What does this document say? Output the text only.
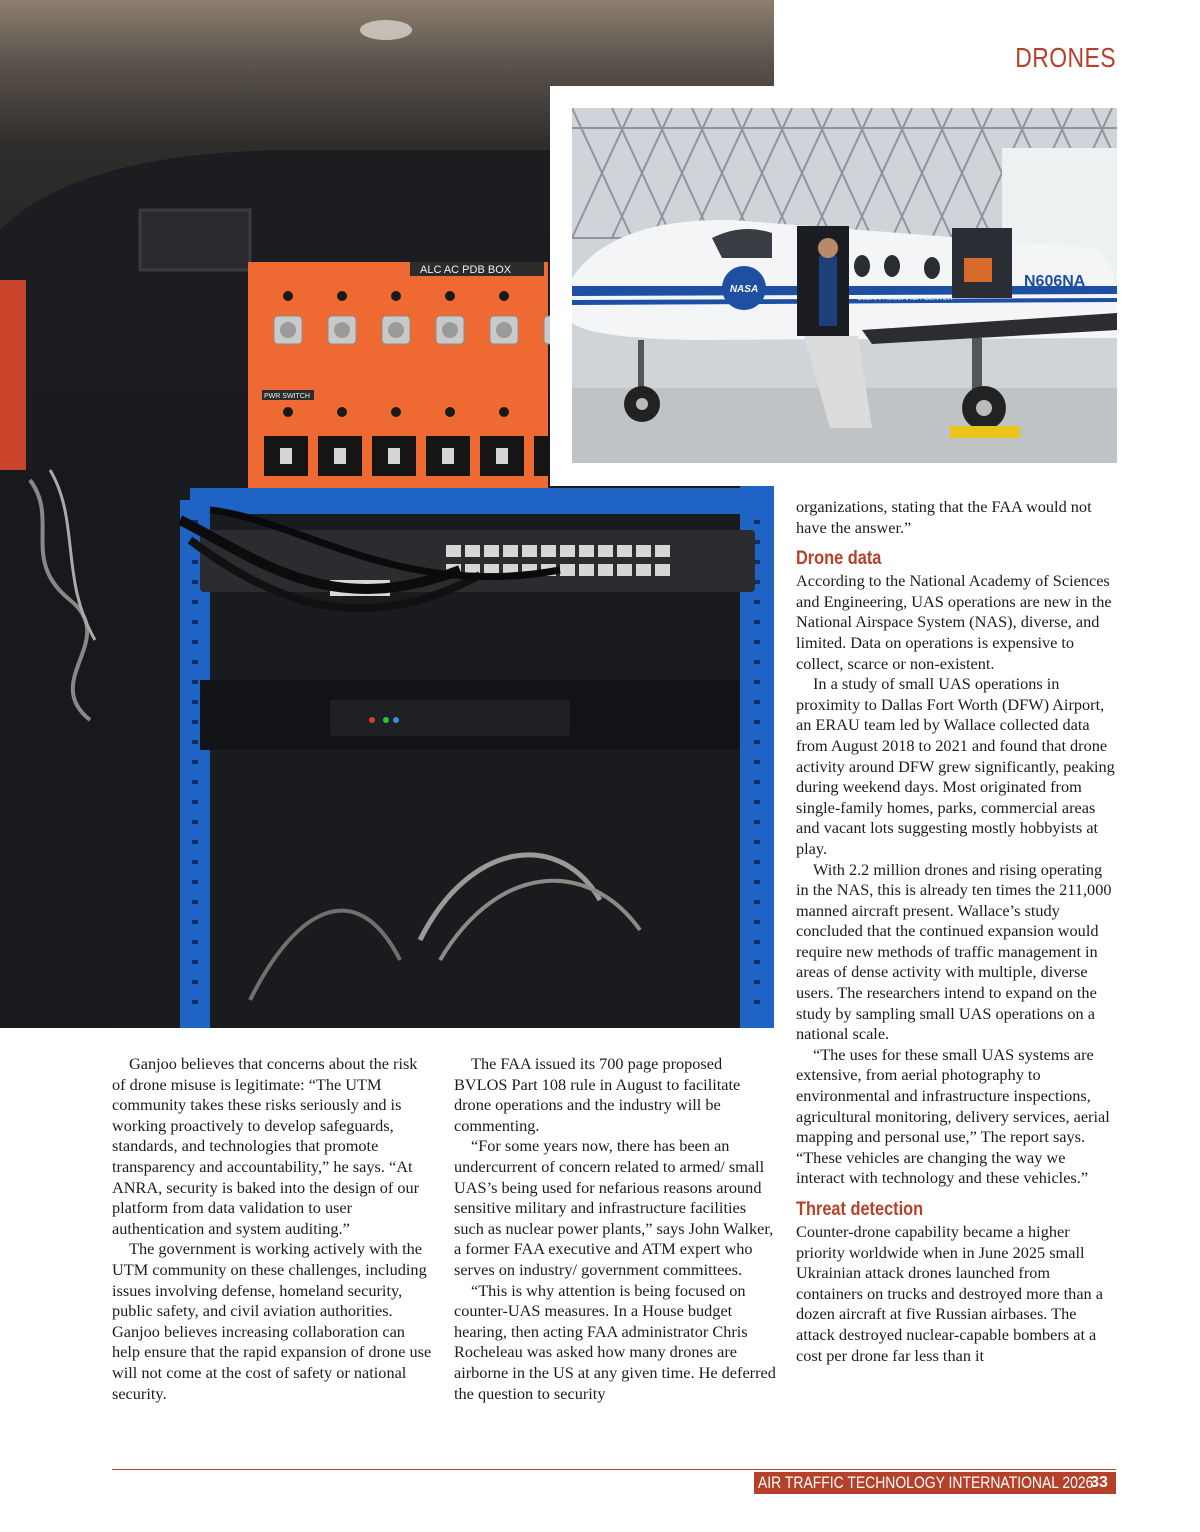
DRONES
ALC AC PDB BOX
PWR SWITCH
NASA
GLENN RESEARCH CENTER
N606NA

Ganjoo believes that concerns about the risk of drone misuse is legitimate: “The UTM community takes these risks seriously and is working proactively to develop safeguards, standards, and technologies that promote transparency and accountability,” he says. “At ANRA, security is baked into the design of our platform from data validation to user authentication and system auditing.”

The government is working actively with the UTM community on these challenges, including issues involving defense, homeland security, public safety, and civil aviation authorities. Ganjoo believes increasing collaboration can help ensure that the rapid expansion of drone use will not come at the cost of safety or national security.

The FAA issued its 700 page proposed BVLOS Part 108 rule in August to facilitate drone operations and the industry will be commenting.

“For some years now, there has been an undercurrent of concern related to armed/ small UAS’s being used for nefarious reasons around sensitive military and infrastructure facilities such as nuclear power plants,” says John Walker, a former FAA executive and ATM expert who serves on industry/ government committees.

“This is why attention is being focused on counter-UAS measures. In a House budget hearing, then acting FAA administrator Chris Rocheleau was asked how many drones are airborne in the US at any given time. He deferred the question to security

organizations, stating that the FAA would not have the answer.”

Drone data

According to the National Academy of Sciences and Engineering, UAS operations are new in the National Airspace System (NAS), diverse, and limited. Data on operations is expensive to collect, scarce or non-existent.

In a study of small UAS operations in proximity to Dallas Fort Worth (DFW) Airport, an ERAU team led by Wallace collected data from August 2018 to 2021 and found that drone activity around DFW grew significantly, peaking during weekend days. Most originated from single-family homes, parks, commercial areas and vacant lots suggesting mostly hobbyists at play.

With 2.2 million drones and rising operating in the NAS, this is already ten times the 211,000 manned aircraft present. Wallace’s study concluded that the continued expansion would require new methods of traffic management in areas of dense activity with multiple, diverse users. The researchers intend to expand on the study by sampling small UAS operations on a national scale.

“The uses for these small UAS systems are extensive, from aerial photography to environmental and infrastructure inspections, agricultural monitoring, delivery services, aerial mapping and personal use,” The report says. “These vehicles are changing the way we interact with technology and these vehicles.”

Threat detection

Counter-drone capability became a higher priority worldwide when in June 2025 small Ukrainian attack drones launched from containers on trucks and destroyed more than a dozen aircraft at five Russian airbases. The attack destroyed nuclear-capable bombers at a cost per drone far less than it

AIR TRAFFIC TECHNOLOGY INTERNATIONAL 2026
33
